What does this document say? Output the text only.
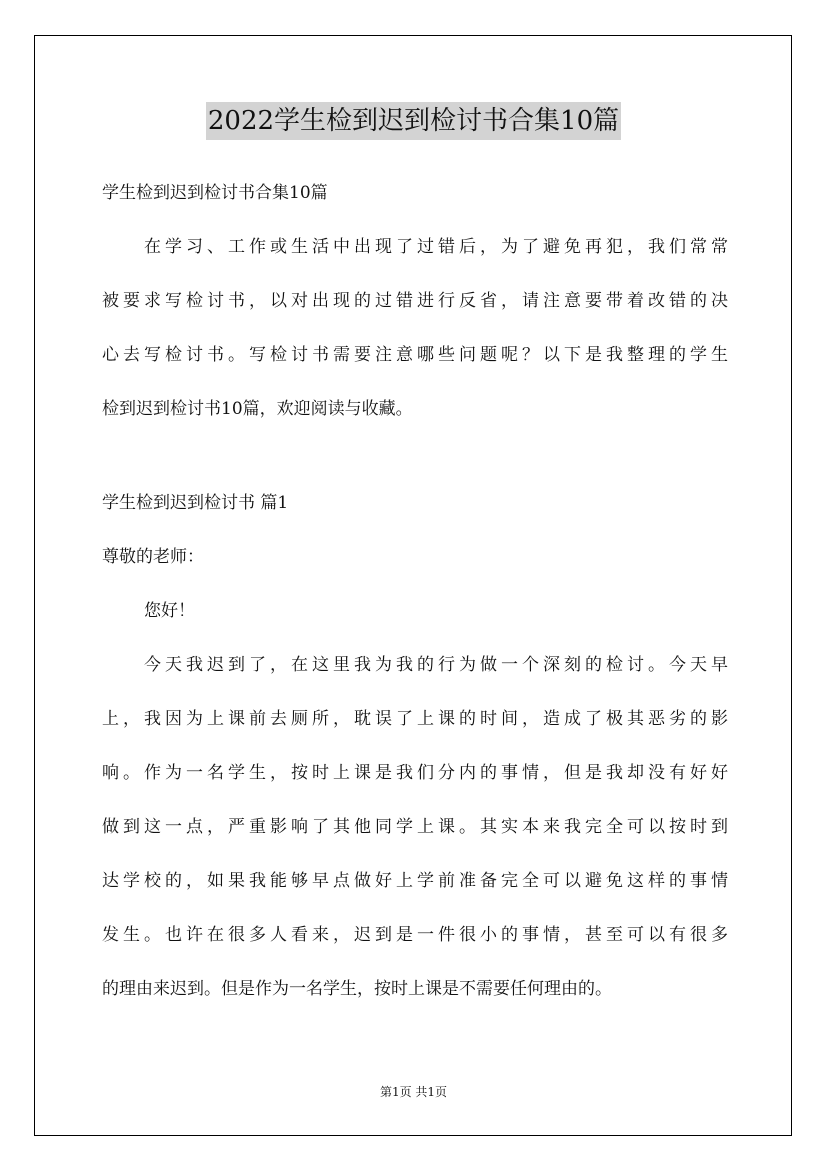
2022学生检到迟到检讨书合集10篇
学生检到迟到检讨书合集10篇
在学习、工作或生活中出现了过错后，为了避免再犯，我们常常
被要求写检讨书，以对出现的过错进行反省，请注意要带着改错的决
心去写检讨书。写检讨书需要注意哪些问题呢？以下是我整理的学生
检到迟到检讨书10篇，欢迎阅读与收藏。
学生检到迟到检讨书 篇1
尊敬的老师：
您好！
今天我迟到了，在这里我为我的行为做一个深刻的检讨。今天早
上，我因为上课前去厕所，耽误了上课的时间，造成了极其恶劣的影
响。作为一名学生，按时上课是我们分内的事情，但是我却没有好好
做到这一点，严重影响了其他同学上课。其实本来我完全可以按时到
达学校的，如果我能够早点做好上学前准备完全可以避免这样的事情
发生。也许在很多人看来，迟到是一件很小的事情，甚至可以有很多
的理由来迟到。但是作为一名学生，按时上课是不需要任何理由的。
第1页 共1页
